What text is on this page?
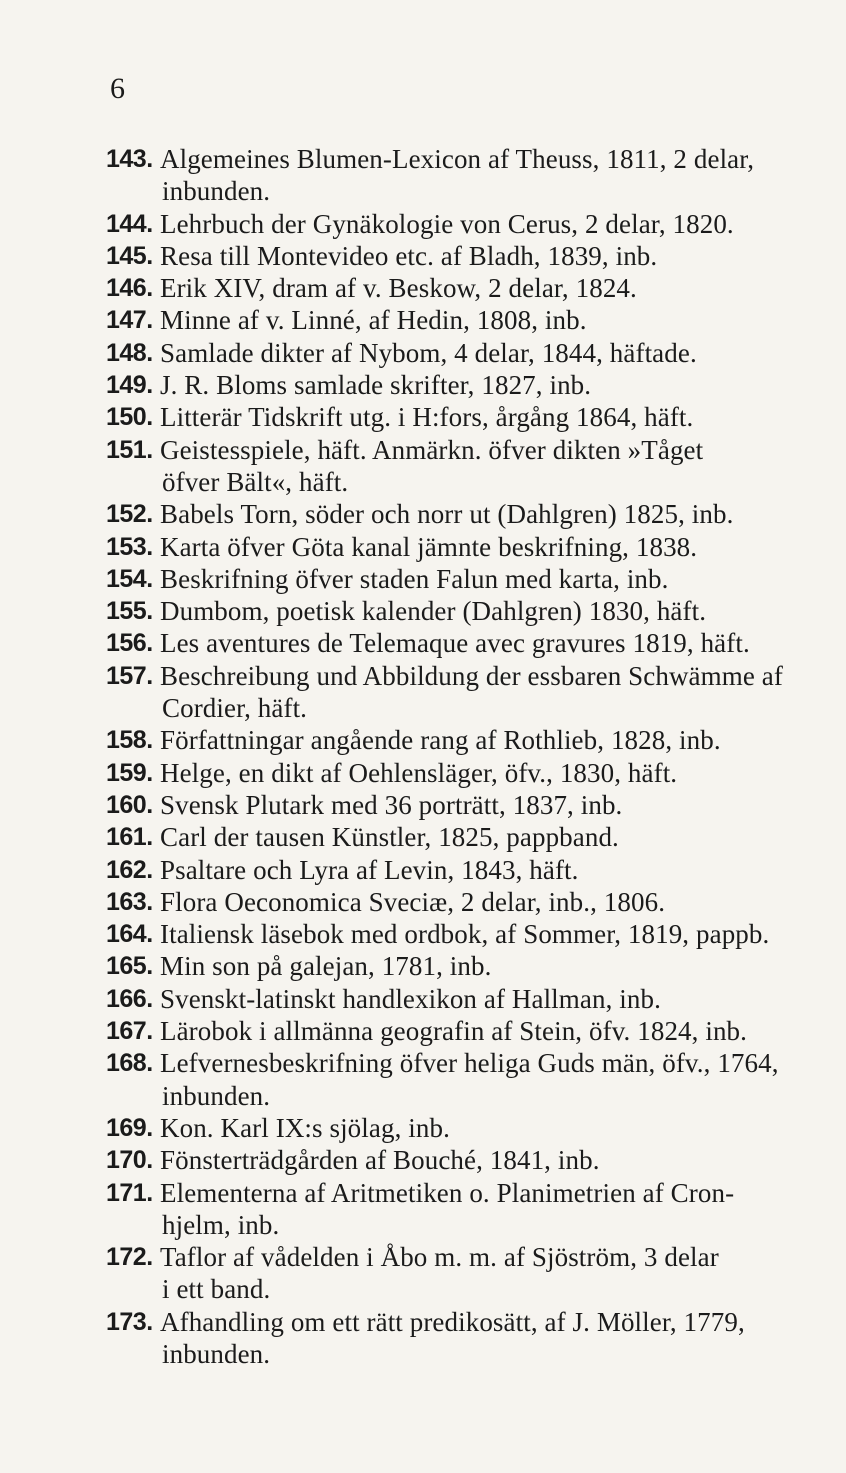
6
143. Algemeines Blumen-Lexicon af Theuss, 1811, 2 delar,
inbunden.
144. Lehrbuch der Gynäkologie von Cerus, 2 delar, 1820.
145. Resa till Montevideo etc. af Bladh, 1839, inb.
146. Erik XIV, dram af v. Beskow, 2 delar, 1824.
147. Minne af v. Linné, af Hedin, 1808, inb.
148. Samlade dikter af Nybom, 4 delar, 1844, häftade.
149. J. R. Bloms samlade skrifter, 1827, inb.
150. Litterär Tidskrift utg. i H:fors, årgång 1864, häft.
151. Geistesspiele, häft. Anmärkn. öfver dikten »Tåget
öfver Bält«, häft.
152. Babels Torn, söder och norr ut (Dahlgren) 1825, inb.
153. Karta öfver Göta kanal jämnte beskrifning, 1838.
154. Beskrifning öfver staden Falun med karta, inb.
155. Dumbom, poetisk kalender (Dahlgren) 1830, häft.
156. Les aventures de Telemaque avec gravures 1819, häft.
157. Beschreibung und Abbildung der essbaren Schwämme af
Cordier, häft.
158. Författningar angående rang af Rothlieb, 1828, inb.
159. Helge, en dikt af Oehlensläger, öfv., 1830, häft.
160. Svensk Plutark med 36 porträtt, 1837, inb.
161. Carl der tausen Künstler, 1825, pappband.
162. Psaltare och Lyra af Levin, 1843, häft.
163. Flora Oeconomica Sveciæ, 2 delar, inb., 1806.
164. Italiensk läsebok med ordbok, af Sommer, 1819, pappb.
165. Min son på galejan, 1781, inb.
166. Svenskt-latinskt handlexikon af Hallman, inb.
167. Lärobok i allmänna geografin af Stein, öfv. 1824, inb.
168. Lefvernesbeskrifning öfver heliga Guds män, öfv., 1764,
inbunden.
169. Kon. Karl IX:s sjölag, inb.
170. Fönsterträdgården af Bouché, 1841, inb.
171. Elementerna af Aritmetiken o. Planimetrien af Cron-
hjelm, inb.
172. Taflor af vådelden i Åbo m. m. af Sjöström, 3 delar
i ett band.
173. Afhandling om ett rätt predikosätt, af J. Möller, 1779,
inbunden.
